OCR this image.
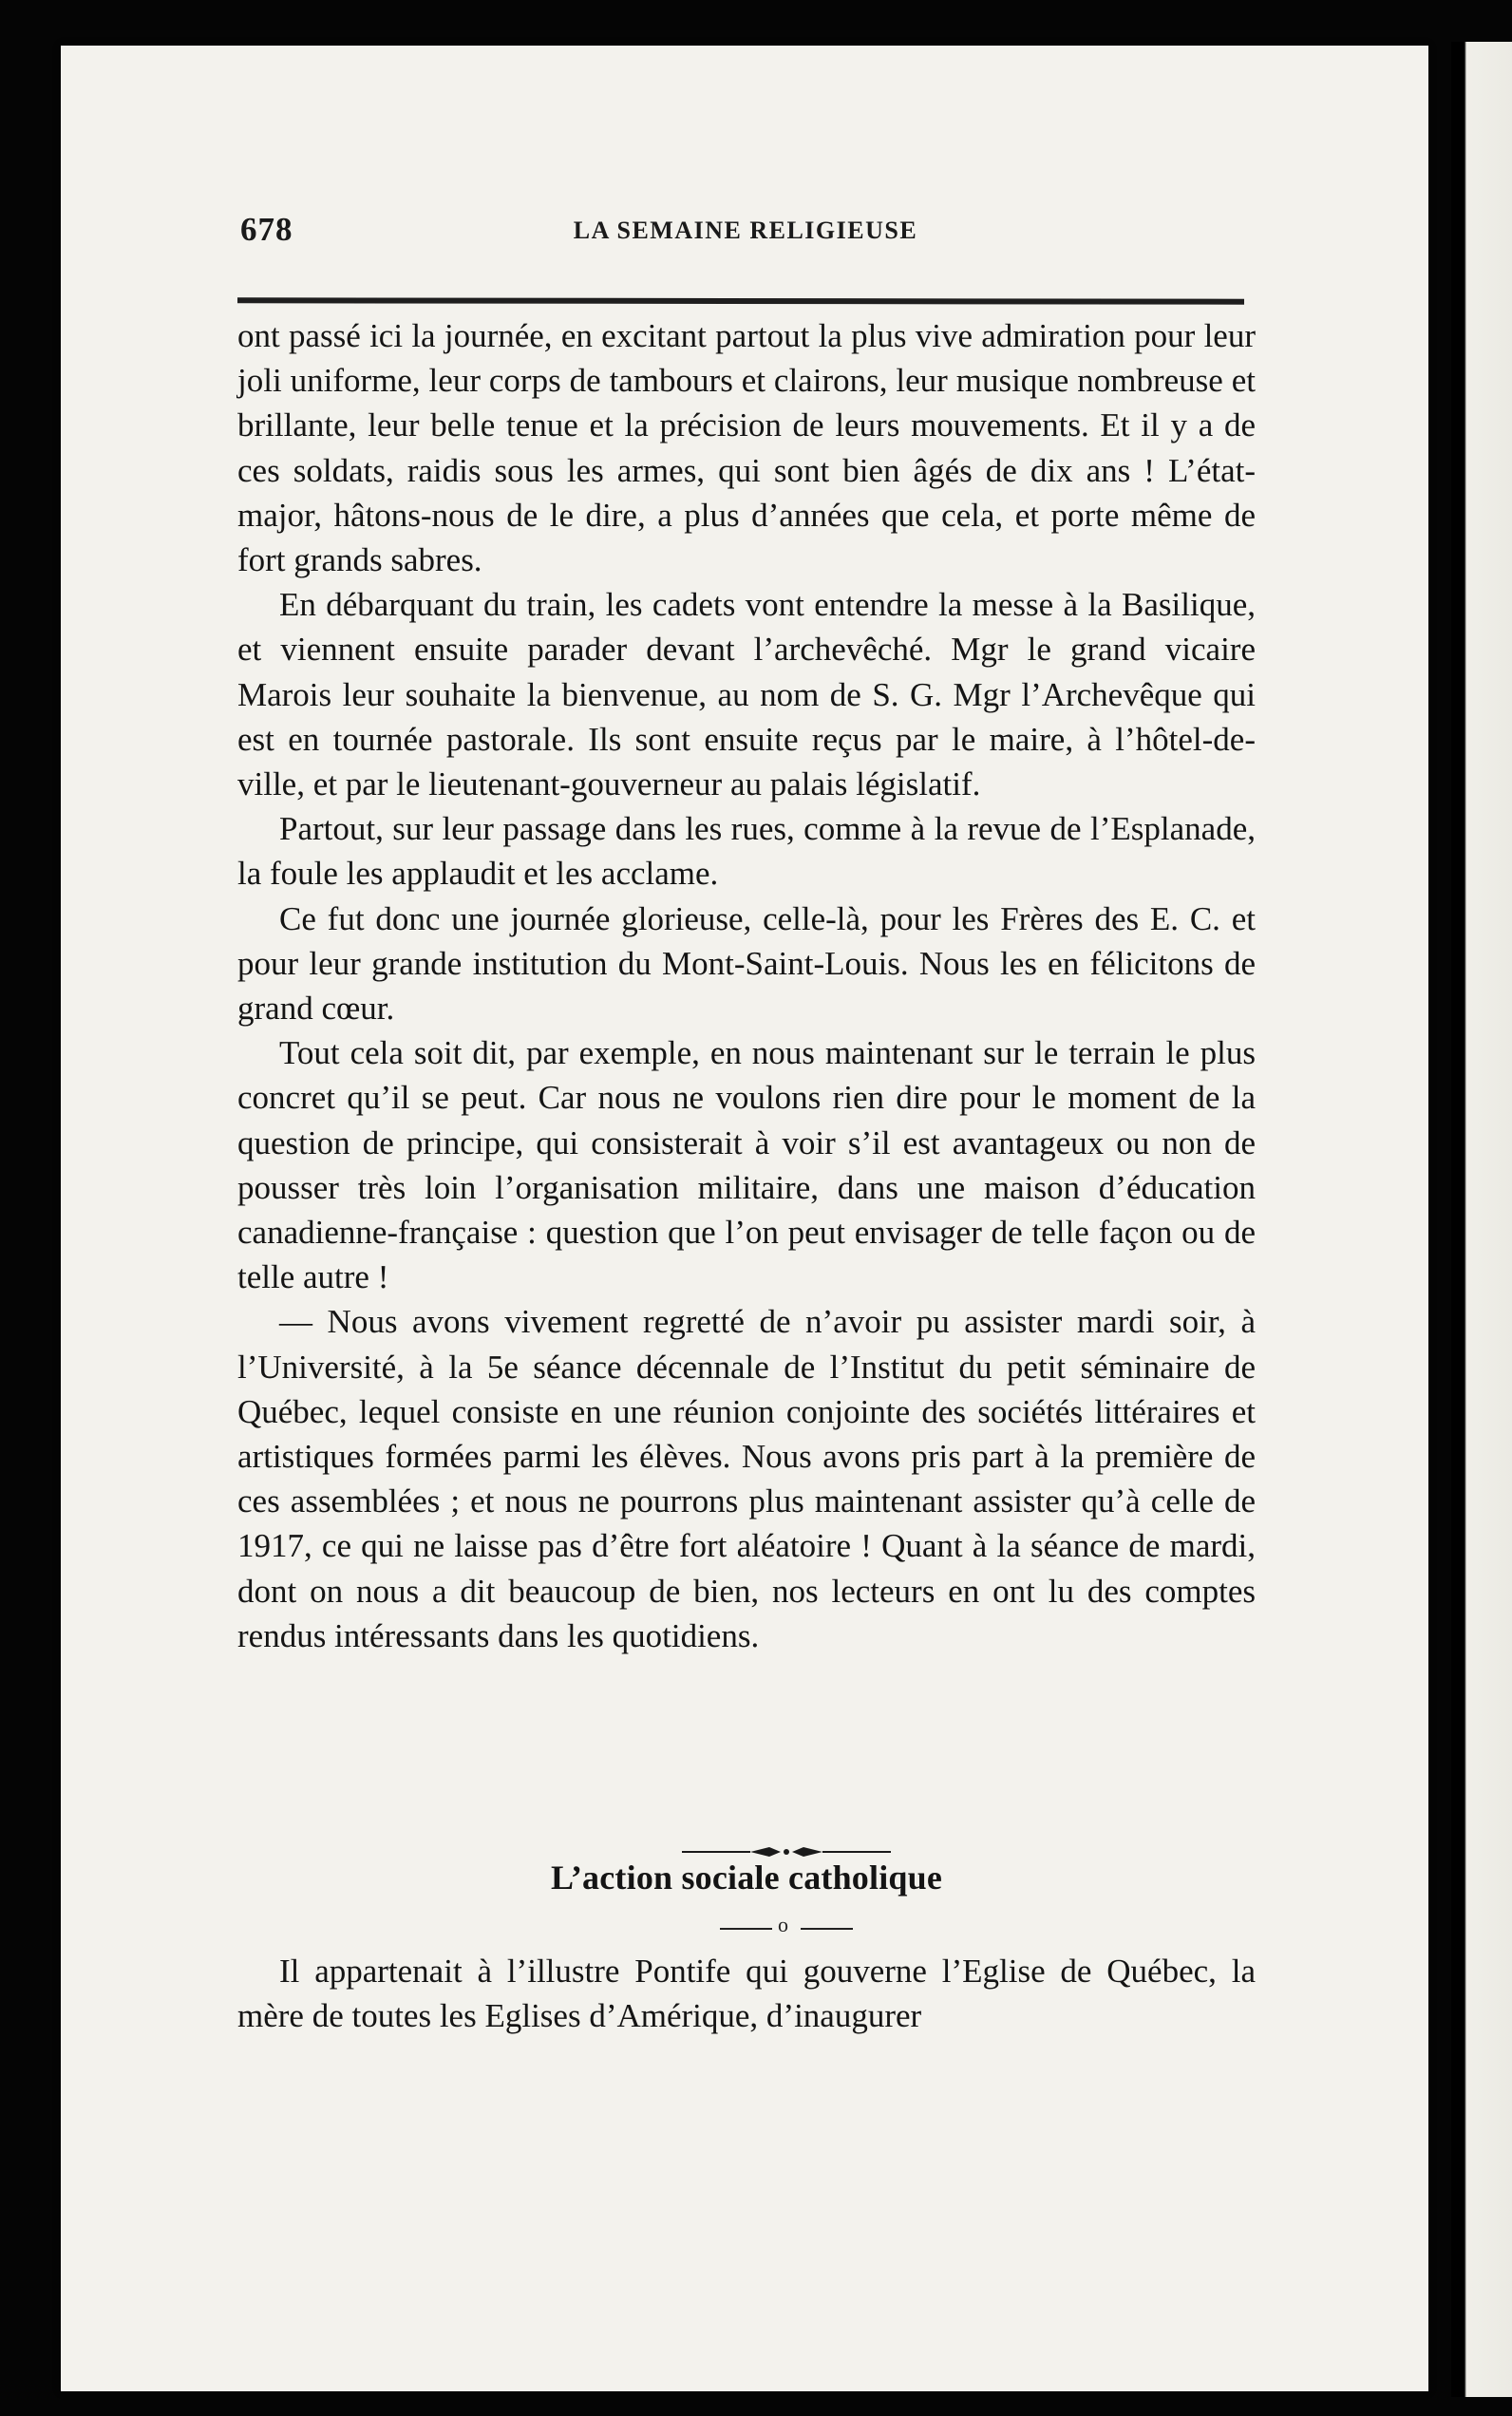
678	LA SEMAINE RELIGIEUSE

ont passé ici la journée, en excitant partout la plus vive admiration pour leur joli uniforme, leur corps de tambours et clairons, leur musique nombreuse et brillante, leur belle tenue et la précision de leurs mouvements. Et il y a de ces soldats, raidis sous les armes, qui sont bien âgés de dix ans ! L’état-major, hâtons-nous de le dire, a plus d’années que cela, et porte même de fort grands sabres.

En débarquant du train, les cadets vont entendre la messe à la Basilique, et viennent ensuite parader devant l’archevêché. Mgr le grand vicaire Marois leur souhaite la bienvenue, au nom de S. G. Mgr l’Archevêque qui est en tournée pastorale. Ils sont ensuite reçus par le maire, à l’hôtel-de-ville, et par le lieutenant-gouverneur au palais législatif.

Partout, sur leur passage dans les rues, comme à la revue de l’Esplanade, la foule les applaudit et les acclame.

Ce fut donc une journée glorieuse, celle-là, pour les Frères des E. C. et pour leur grande institution du Mont-Saint-Louis. Nous les en félicitons de grand cœur.

Tout cela soit dit, par exemple, en nous maintenant sur le terrain le plus concret qu’il se peut. Car nous ne voulons rien dire pour le moment de la question de principe, qui consisterait à voir s’il est avantageux ou non de pousser très loin l’organisation militaire, dans une maison d’éducation canadienne-française : question que l’on peut envisager de telle façon ou de telle autre !

— Nous avons vivement regretté de n’avoir pu assister mardi soir, à l’Université, à la 5e séance décennale de l’Institut du petit séminaire de Québec, lequel consiste en une réunion conjointe des sociétés littéraires et artistiques formées parmi les élèves. Nous avons pris part à la première de ces assemblées ; et nous ne pourrons plus maintenant assister qu’à celle de 1917, ce qui ne laisse pas d’être fort aléatoire ! Quant à la séance de mardi, dont on nous a dit beaucoup de bien, nos lecteurs en ont lu des comptes rendus intéressants dans les quotidiens.

L’action sociale catholique
o

Il appartenait à l’illustre Pontife qui gouverne l’Eglise de Québec, la mère de toutes les Eglises d’Amérique, d’inaugurer
